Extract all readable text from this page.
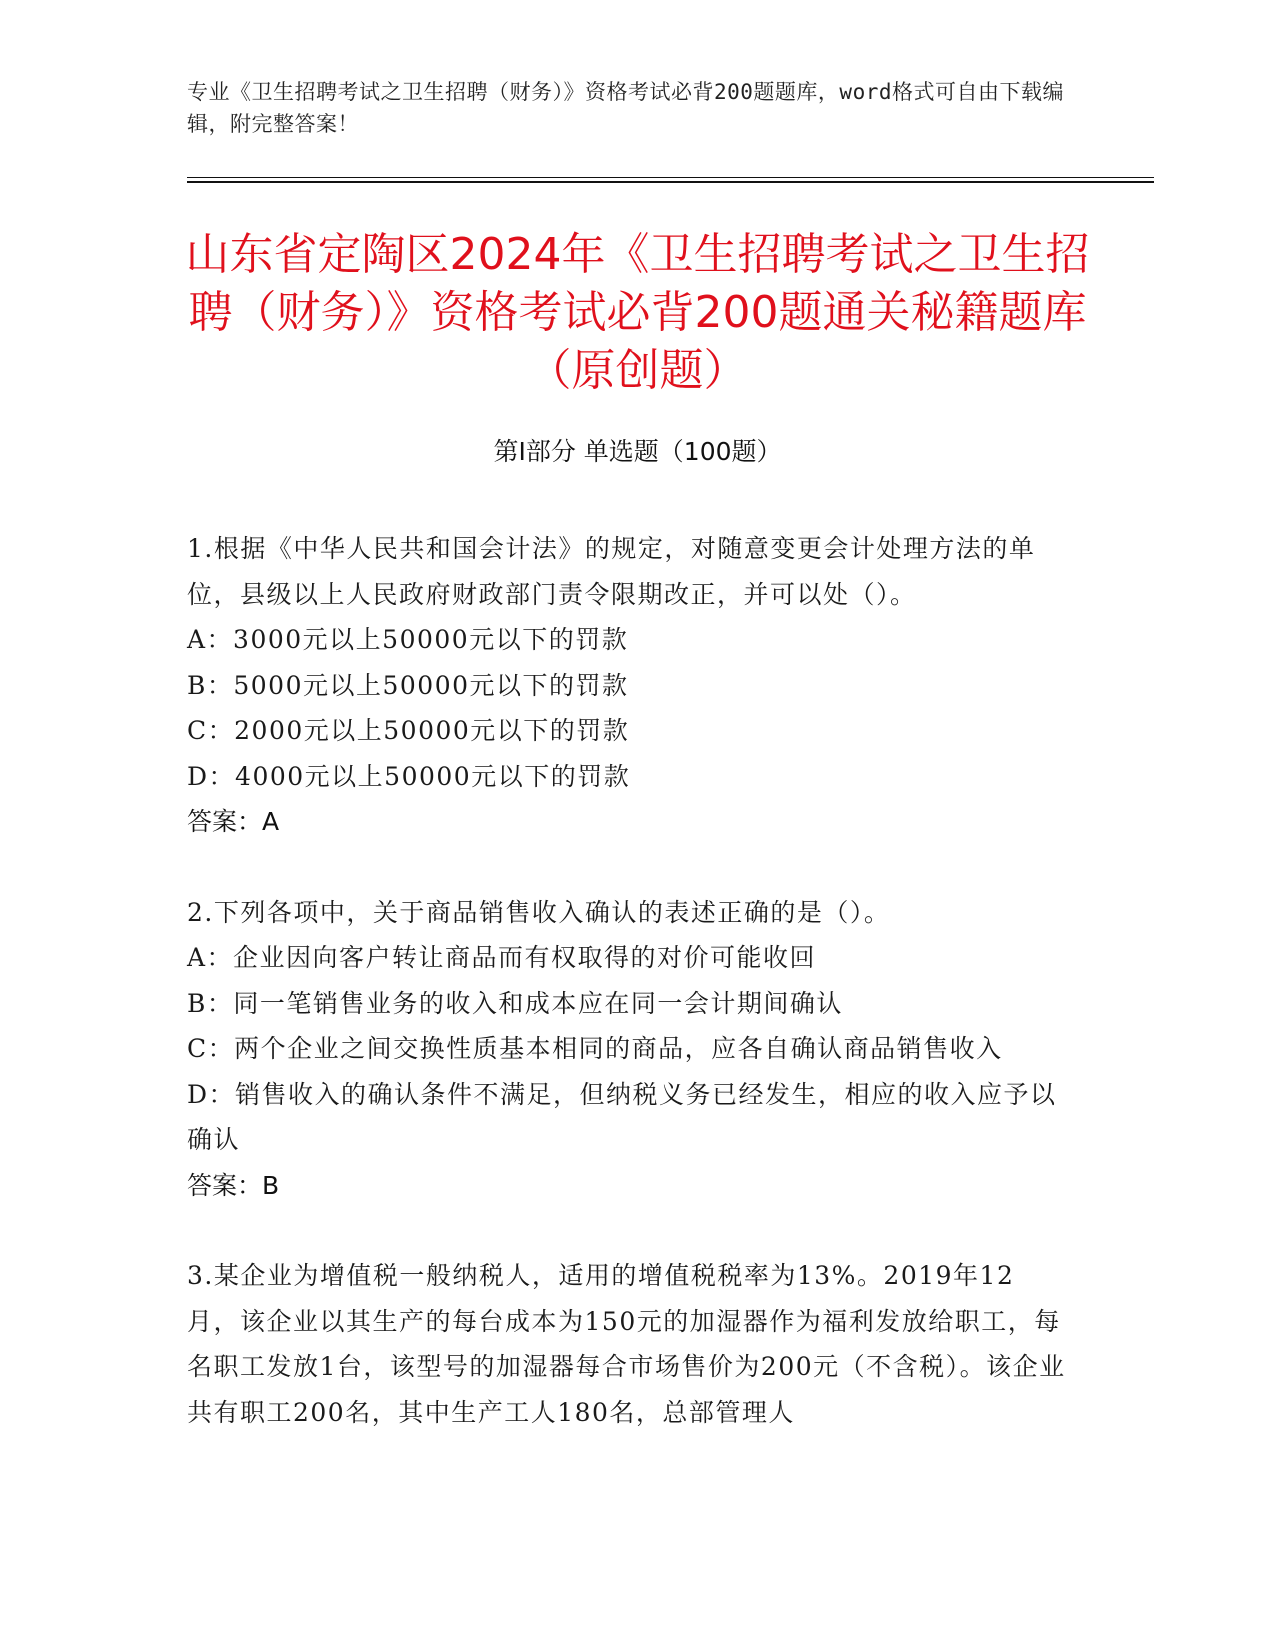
专业《卫生招聘考试之卫生招聘（财务）》资格考试必背200题题库，word格式可自由下载编辑，附完整答案！
山东省定陶区2024年《卫生招聘考试之卫生招聘（财务）》资格考试必背200题通关秘籍题库（原创题）
第I部分 单选题（100题）
1.根据《中华人民共和国会计法》的规定，对随意变更会计处理方法的单位，县级以上人民政府财政部门责令限期改正，并可以处（）。
A：3000元以上50000元以下的罚款
B：5000元以上50000元以下的罚款
C：2000元以上50000元以下的罚款
D：4000元以上50000元以下的罚款
答案：A
2.下列各项中，关于商品销售收入确认的表述正确的是（）。
A：企业因向客户转让商品而有权取得的对价可能收回
B：同一笔销售业务的收入和成本应在同一会计期间确认
C：两个企业之间交换性质基本相同的商品，应各自确认商品销售收入
D：销售收入的确认条件不满足，但纳税义务已经发生，相应的收入应予以确认
答案：B
3.某企业为增值税一般纳税人，适用的增值税税率为13%。2019年12月，该企业以其生产的每台成本为150元的加湿器作为福利发放给职工，每名职工发放1台，该型号的加湿器每合市场售价为200元（不含税）。该企业共有职工200名，其中生产工人180名，总部管理人
